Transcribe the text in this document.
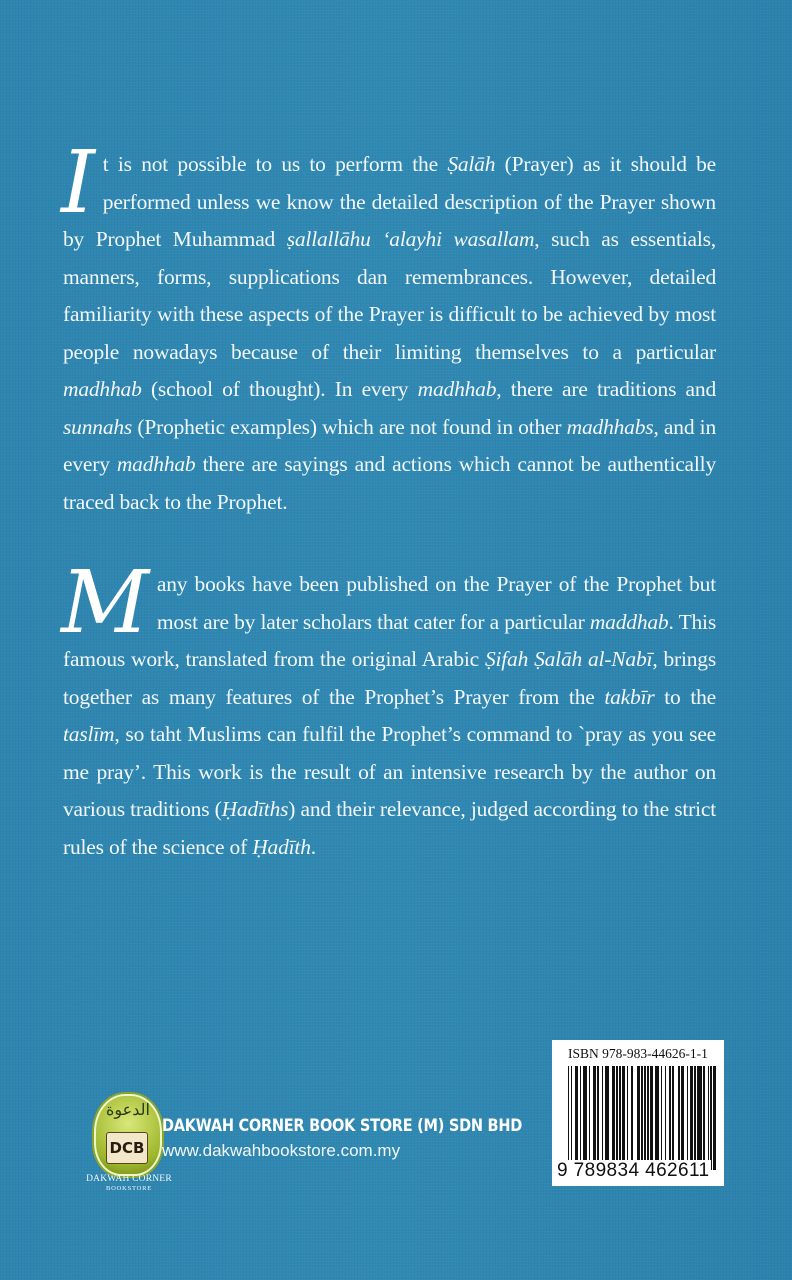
I t is not possible to us to perform the Ṣalāh (Prayer) as it should be performed unless we know the detailed description of the Prayer shown by Prophet Muhammad ṣallallāhu ‘alayhi wasallam, such as essentials, manners, forms, supplications dan remembrances. However, detailed familiarity with these aspects of the Prayer is difficult to be achieved by most people nowadays because of their limiting themselves to a particular madhhab (school of thought). In every madhhab, there are traditions and sunnahs (Prophetic examples) which are not found in other madhhabs, and in every madhhab there are sayings and actions which cannot be authentically traced back to the Prophet.
M any books have been published on the Prayer of the Prophet but most are by later scholars that cater for a particular maddhab. This famous work, translated from the original Arabic Ṣifah Ṣalāh al-Nabī, brings together as many features of the Prophet’s Prayer from the takbīr to the taslīm, so taht Muslims can fulfil the Prophet’s command to `pray as you see me pray’. This work is the result of an intensive research by the author on various traditions (Ḥadīths) and their relevance, judged according to the strict rules of the science of Ḥadīth.
الدعوة
DCB
DAKWAH CORNER
BOOKSTORE
DAKWAH CORNER BOOK STORE (M) SDN BHD
www.dakwahbookstore.com.my
ISBN 978-983-44626-1-1
9 789834 462611
